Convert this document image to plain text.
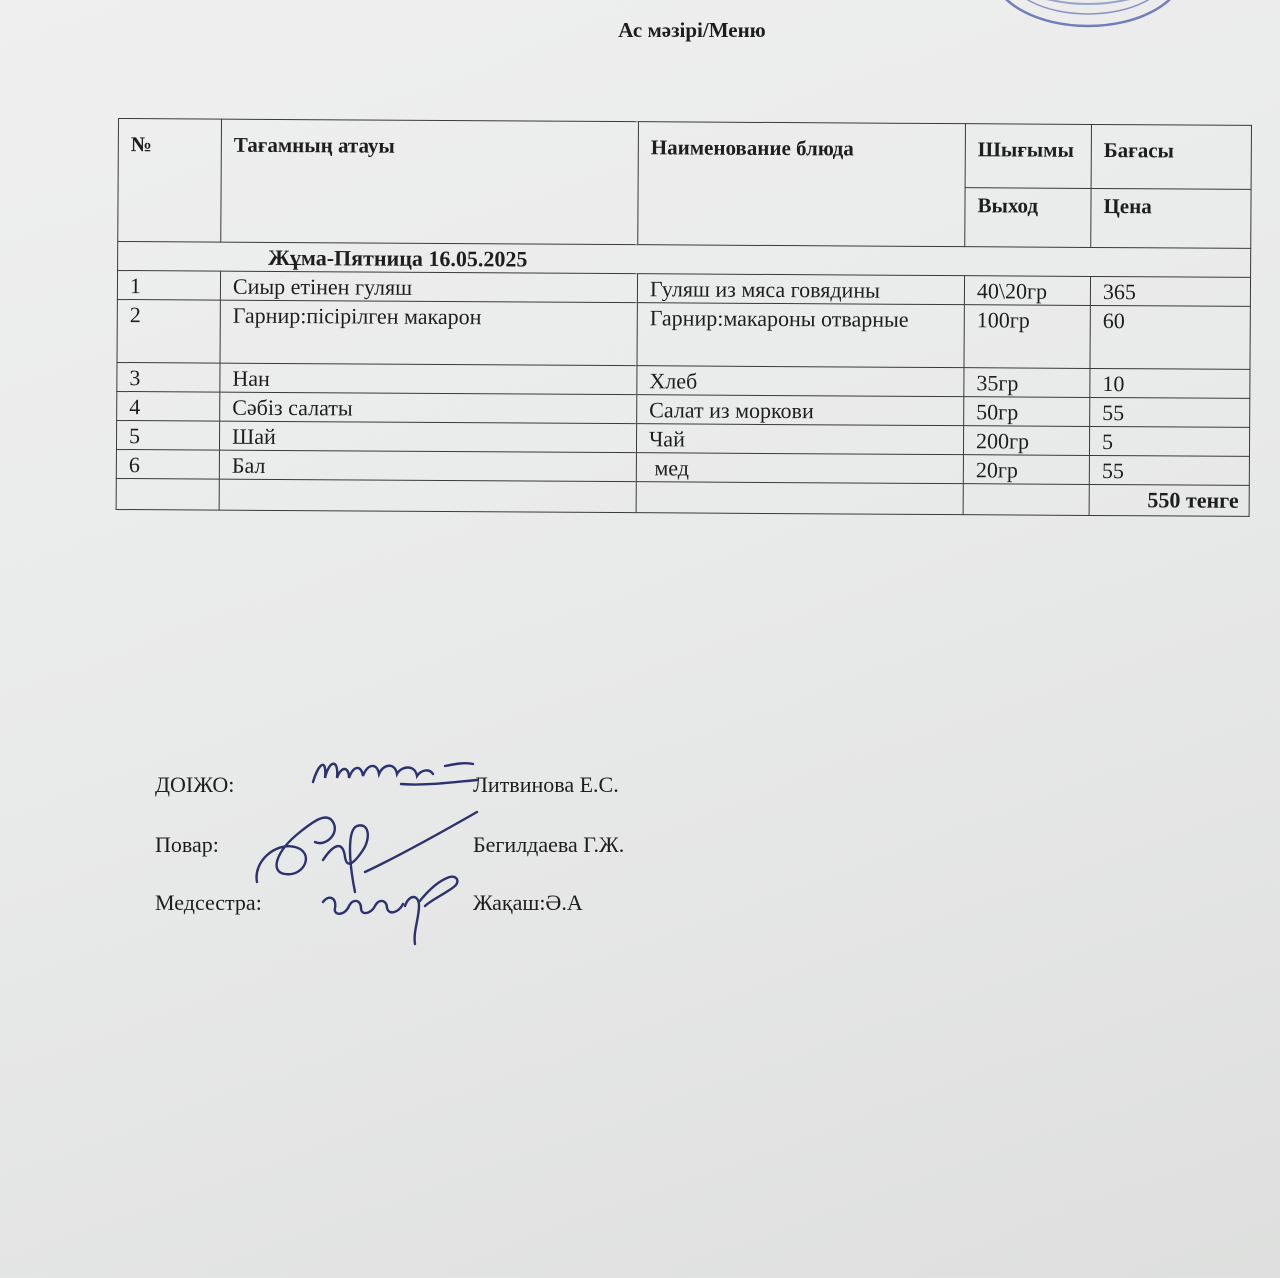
Ас мәзірі/Меню
№	Тағамның атауы	Наименование блюда	Шығымы	Бағасы
			Выход	Цена
Жұма-Пятница 16.05.2025				
1	Сиыр етінен гуляш	Гуляш из мяса говядины	40\20гр	365
2	Гарнир:пісірілген макарон	Гарнир:макароны отварные	100гр	60
3	Нан	Хлеб	35гр	10
4	Сәбіз салаты	Салат из моркови	50гр	55
5	Шай	Чай	200гр	5
6	Бал	мед	20гр	55
				550 тенге
ДОІЖО:	Литвинова Е.С.
Повар:	Бегилдаева Г.Ж.
Медсестра:	Жақаш:Ә.А
